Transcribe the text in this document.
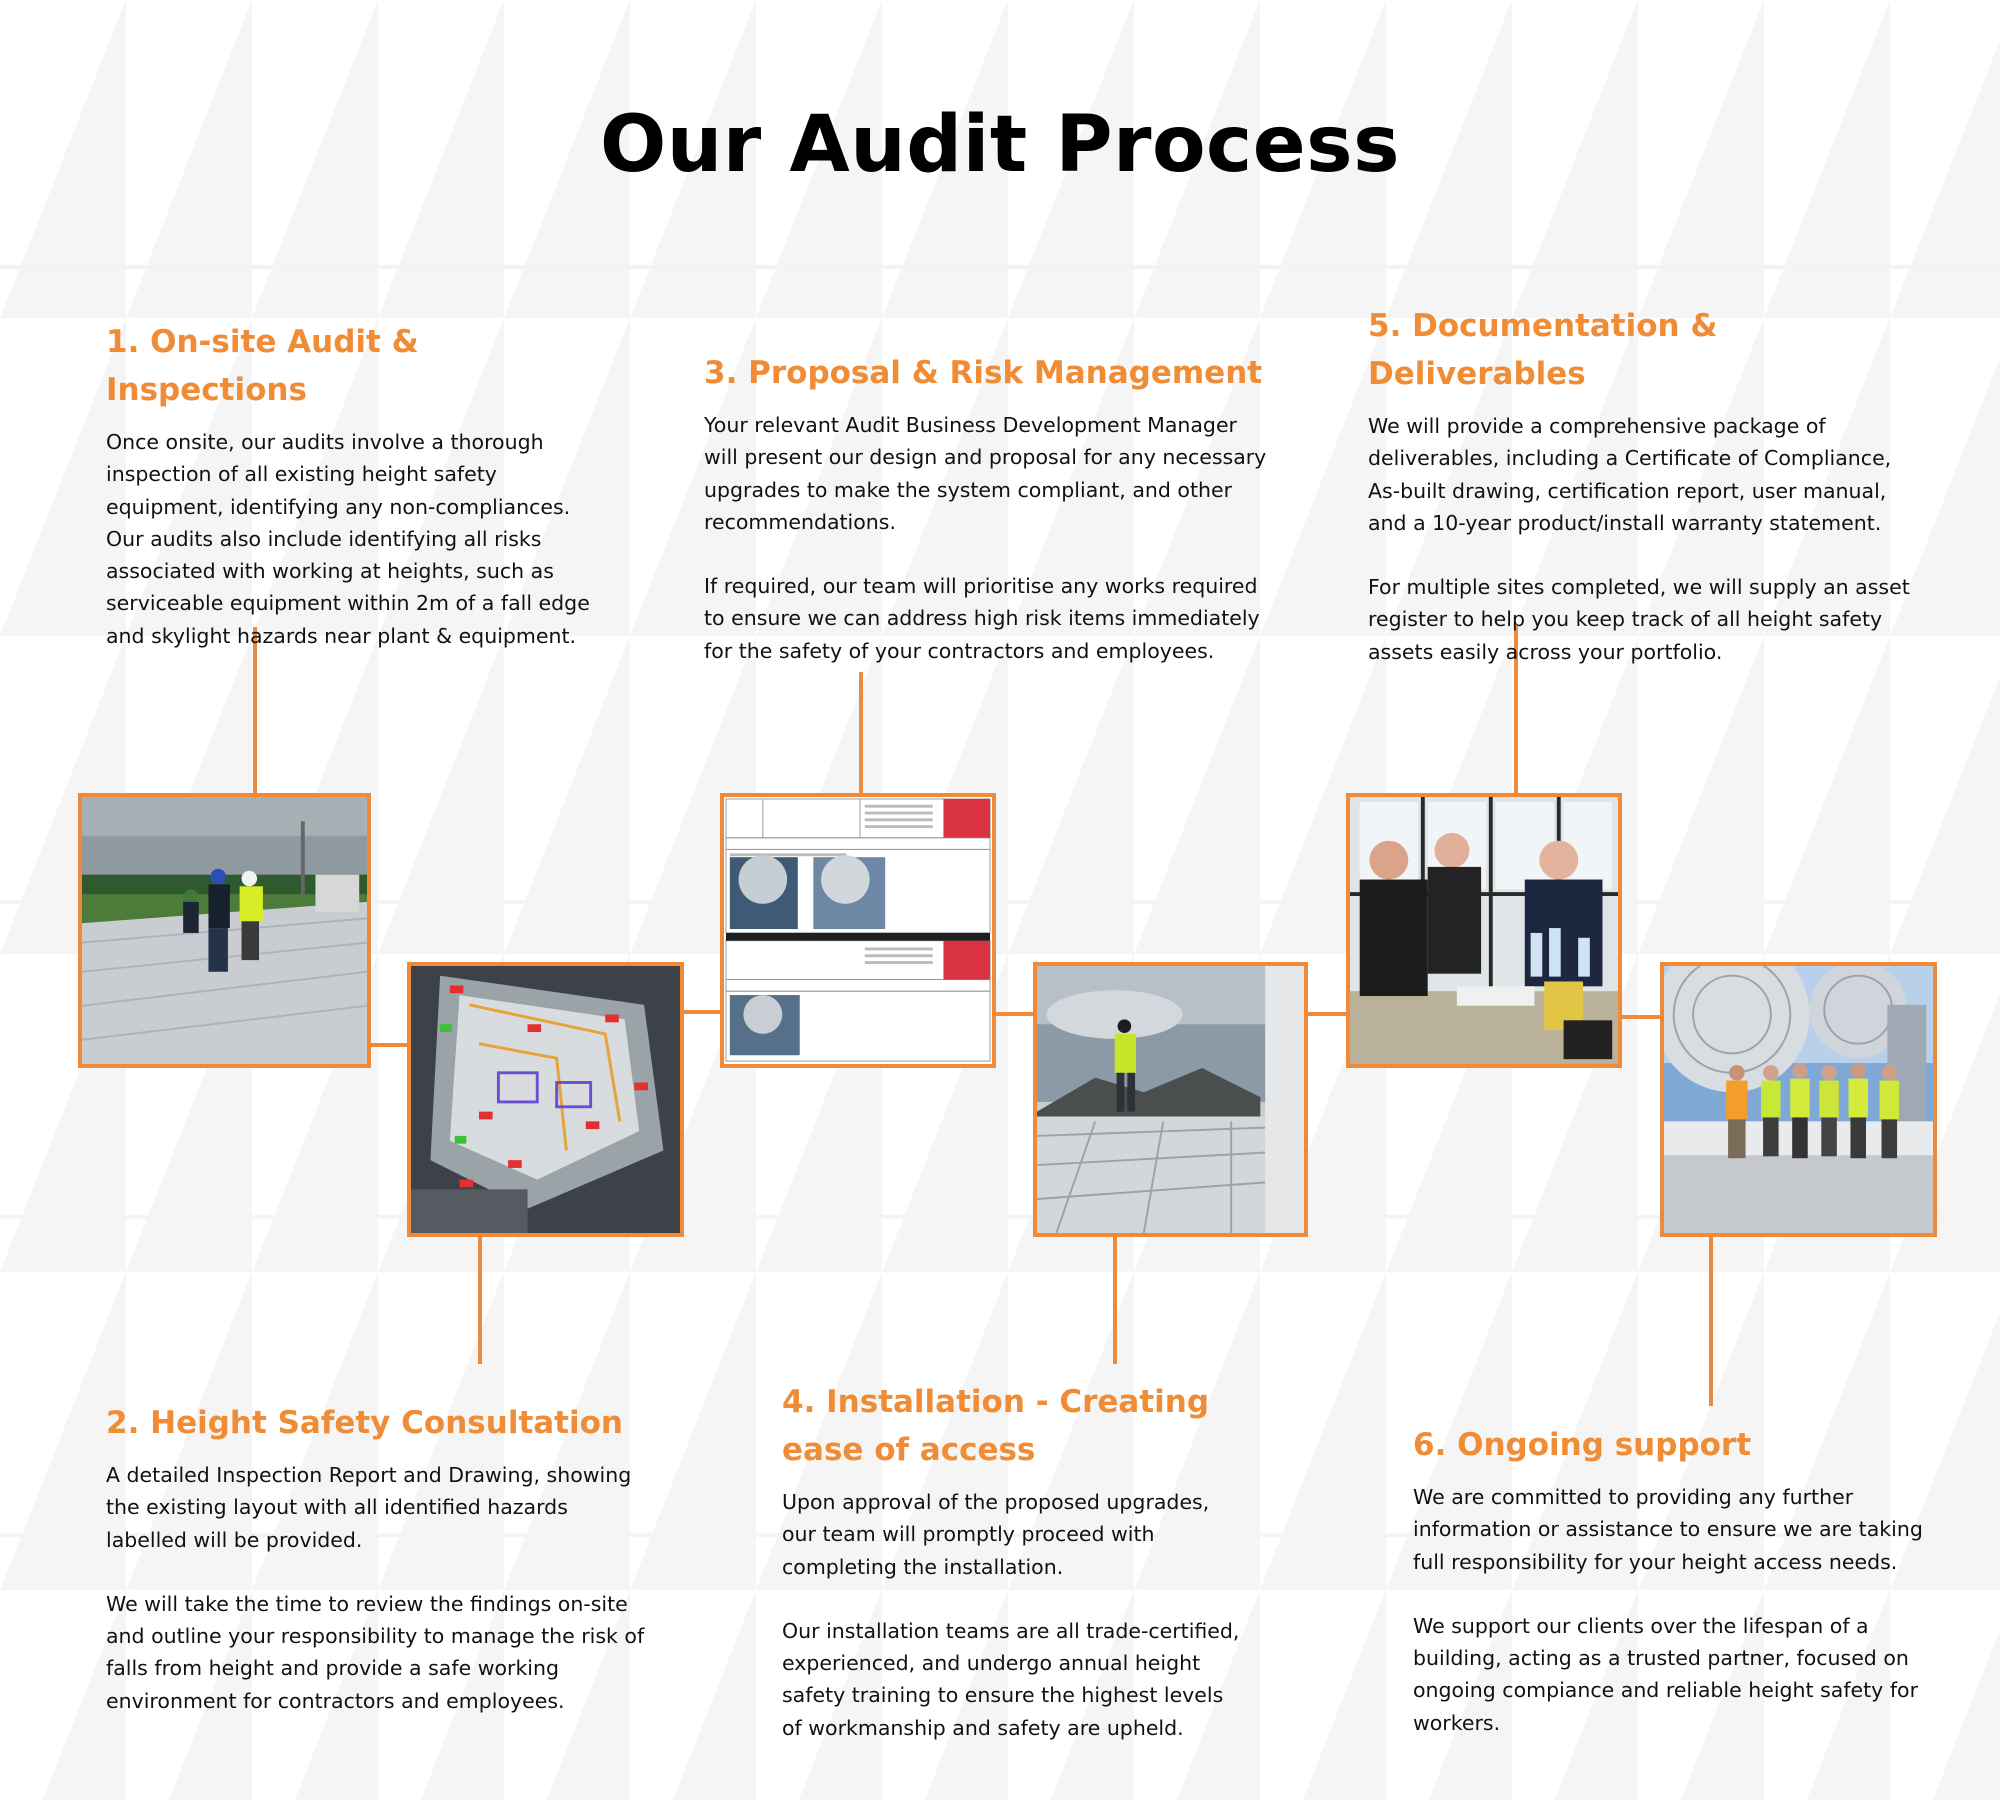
Our Audit Process
1. On-site Audit & Inspections

Once onsite, our audits involve a thorough inspection of all existing height safety equipment, identifying any non-compliances. Our audits also include identifying all risks associated with working at heights, such as serviceable equipment within 2m of a fall edge and skylight hazards near plant & equipment.

3. Proposal & Risk Management

Your relevant Audit Business Development Manager will present our design and proposal for any necessary upgrades to make the system compliant, and other recommendations.

If required, our team will prioritise any works required to ensure we can address high risk items immediately for the safety of your contractors and employees.

5. Documentation & Deliverables

We will provide a comprehensive package of deliverables, including a Certificate of Compliance, As-built drawing, certification report, user manual, and a 10-year product/install warranty statement.

For multiple sites completed, we will supply an asset register to help you keep track of all height safety assets easily across your portfolio.

2. Height Safety Consultation

A detailed Inspection Report and Drawing, showing the existing layout with all identified hazards labelled will be provided.

We will take the time to review the findings on-site and outline your responsibility to manage the risk of falls from height and provide a safe working environment for contractors and employees.

4. Installation - Creating ease of access

Upon approval of the proposed upgrades, our team will promptly proceed with completing the installation.

Our installation teams are all trade-certified, experienced, and undergo annual height safety training to ensure the highest levels of workmanship and safety are upheld.

6. Ongoing support

We are committed to providing any further information or assistance to ensure we are taking full responsibility for your height access needs.

We support our clients over the lifespan of a building, acting as a trusted partner, focused on ongoing compiance and reliable height safety for workers.
